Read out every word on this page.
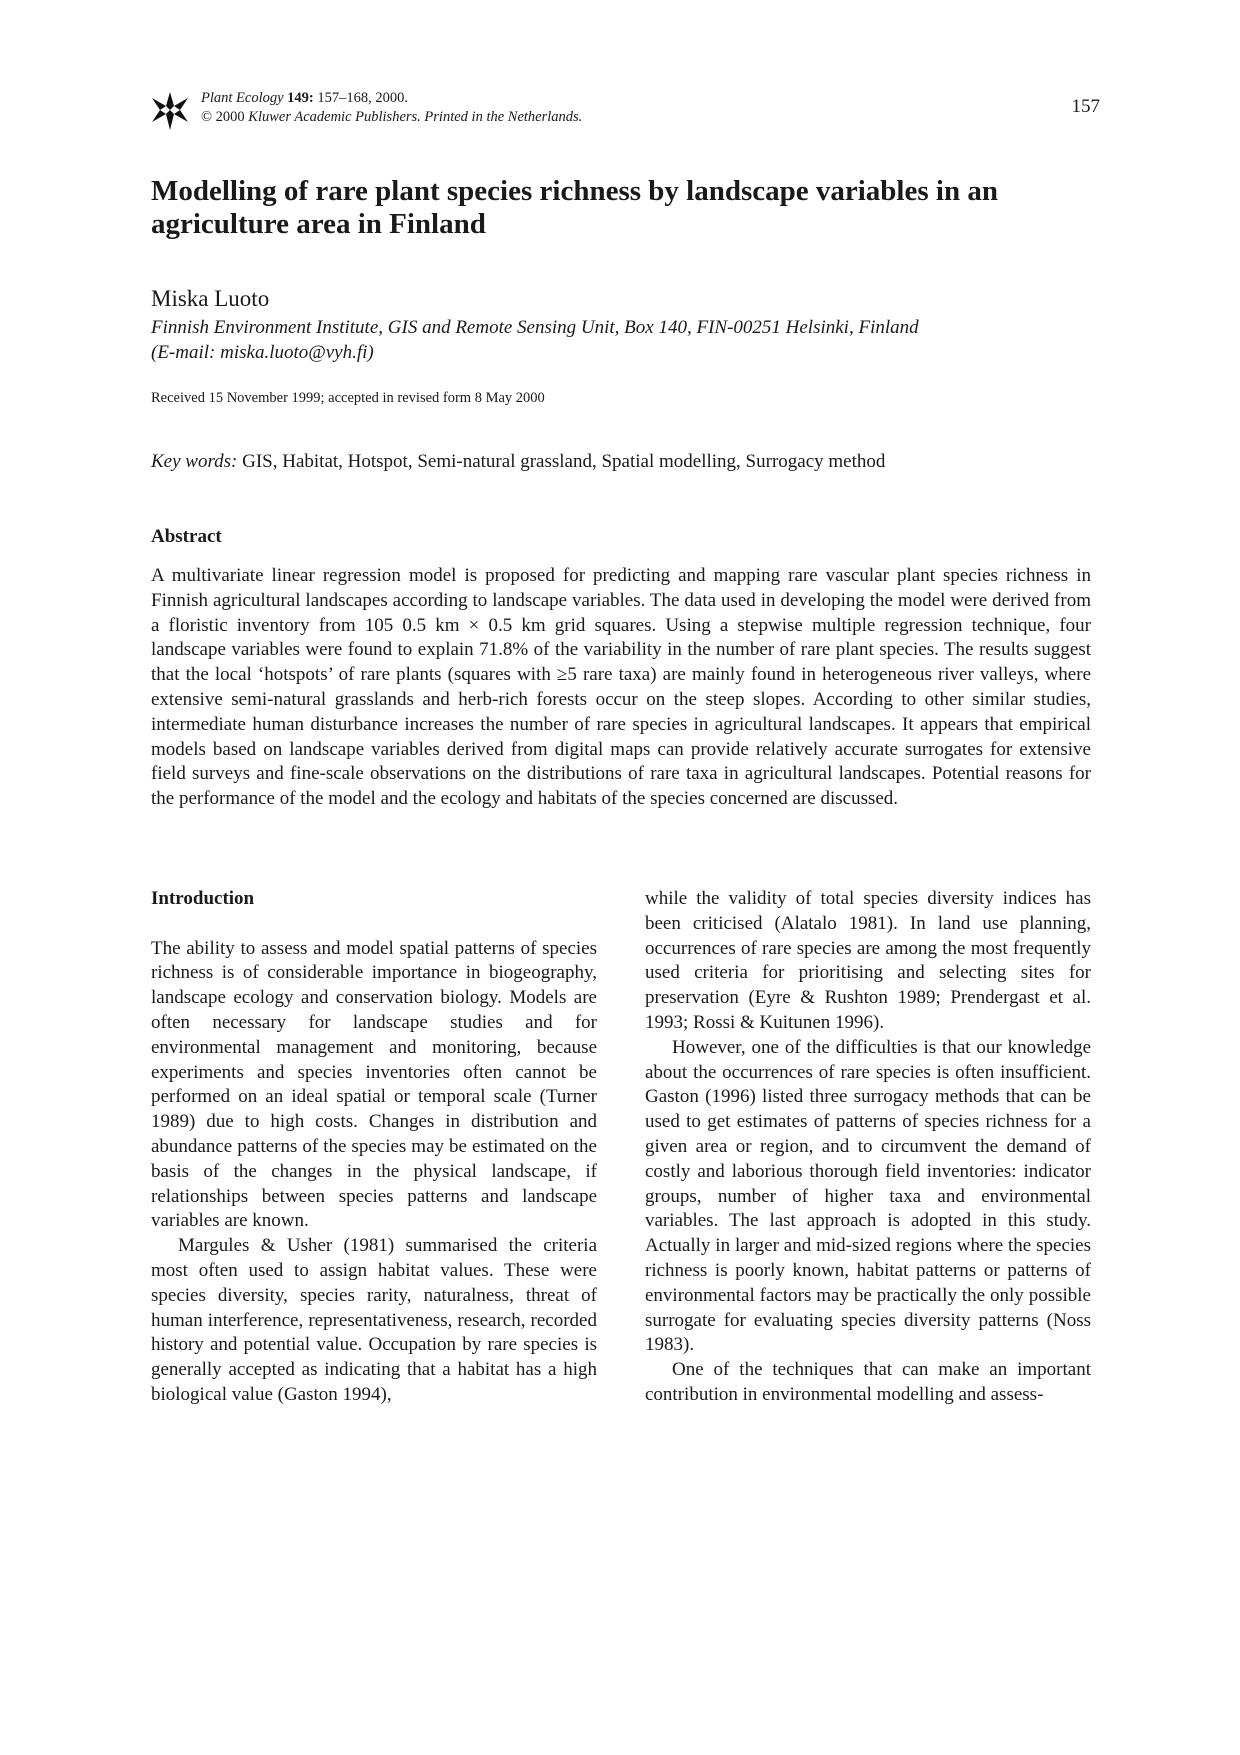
Plant Ecology 149: 157–168, 2000.
© 2000 Kluwer Academic Publishers. Printed in the Netherlands.	157
Modelling of rare plant species richness by landscape variables in an agriculture area in Finland
Miska Luoto
Finnish Environment Institute, GIS and Remote Sensing Unit, Box 140, FIN-00251 Helsinki, Finland
(E-mail: miska.luoto@vyh.fi)
Received 15 November 1999; accepted in revised form 8 May 2000
Key words: GIS, Habitat, Hotspot, Semi-natural grassland, Spatial modelling, Surrogacy method
Abstract

A multivariate linear regression model is proposed for predicting and mapping rare vascular plant species richness in Finnish agricultural landscapes according to landscape variables. The data used in developing the model were derived from a floristic inventory from 105 0.5 km × 0.5 km grid squares. Using a stepwise multiple regression technique, four landscape variables were found to explain 71.8% of the variability in the number of rare plant species. The results suggest that the local ‘hotspots’ of rare plants (squares with ≥5 rare taxa) are mainly found in heterogeneous river valleys, where extensive semi-natural grasslands and herb-rich forests occur on the steep slopes. According to other similar studies, intermediate human disturbance increases the number of rare species in agricultural landscapes. It appears that empirical models based on landscape variables derived from digital maps can provide relatively accurate surrogates for extensive field surveys and fine-scale observations on the distributions of rare taxa in agricultural landscapes. Potential reasons for the performance of the model and the ecology and habitats of the species concerned are discussed.

Introduction

The ability to assess and model spatial patterns of species richness is of considerable importance in biogeography, landscape ecology and conservation biology. Models are often necessary for landscape studies and for environmental management and monitoring, because experiments and species inventories often cannot be performed on an ideal spatial or temporal scale (Turner 1989) due to high costs. Changes in distribution and abundance patterns of the species may be estimated on the basis of the changes in the physical landscape, if relationships between species patterns and landscape variables are known.

Margules & Usher (1981) summarised the criteria most often used to assign habitat values. These were species diversity, species rarity, naturalness, threat of human interference, representativeness, research, recorded history and potential value. Occupation by rare species is generally accepted as indicating that a habitat has a high biological value (Gaston 1994),

while the validity of total species diversity indices has been criticised (Alatalo 1981). In land use planning, occurrences of rare species are among the most frequently used criteria for prioritising and selecting sites for preservation (Eyre & Rushton 1989; Prendergast et al. 1993; Rossi & Kuitunen 1996).

However, one of the difficulties is that our knowledge about the occurrences of rare species is often insufficient. Gaston (1996) listed three surrogacy methods that can be used to get estimates of patterns of species richness for a given area or region, and to circumvent the demand of costly and laborious thorough field inventories: indicator groups, number of higher taxa and environmental variables. The last approach is adopted in this study. Actually in larger and mid-sized regions where the species richness is poorly known, habitat patterns or patterns of environmental factors may be practically the only possible surrogate for evaluating species diversity patterns (Noss 1983).

One of the techniques that can make an important contribution in environmental modelling and assess-
